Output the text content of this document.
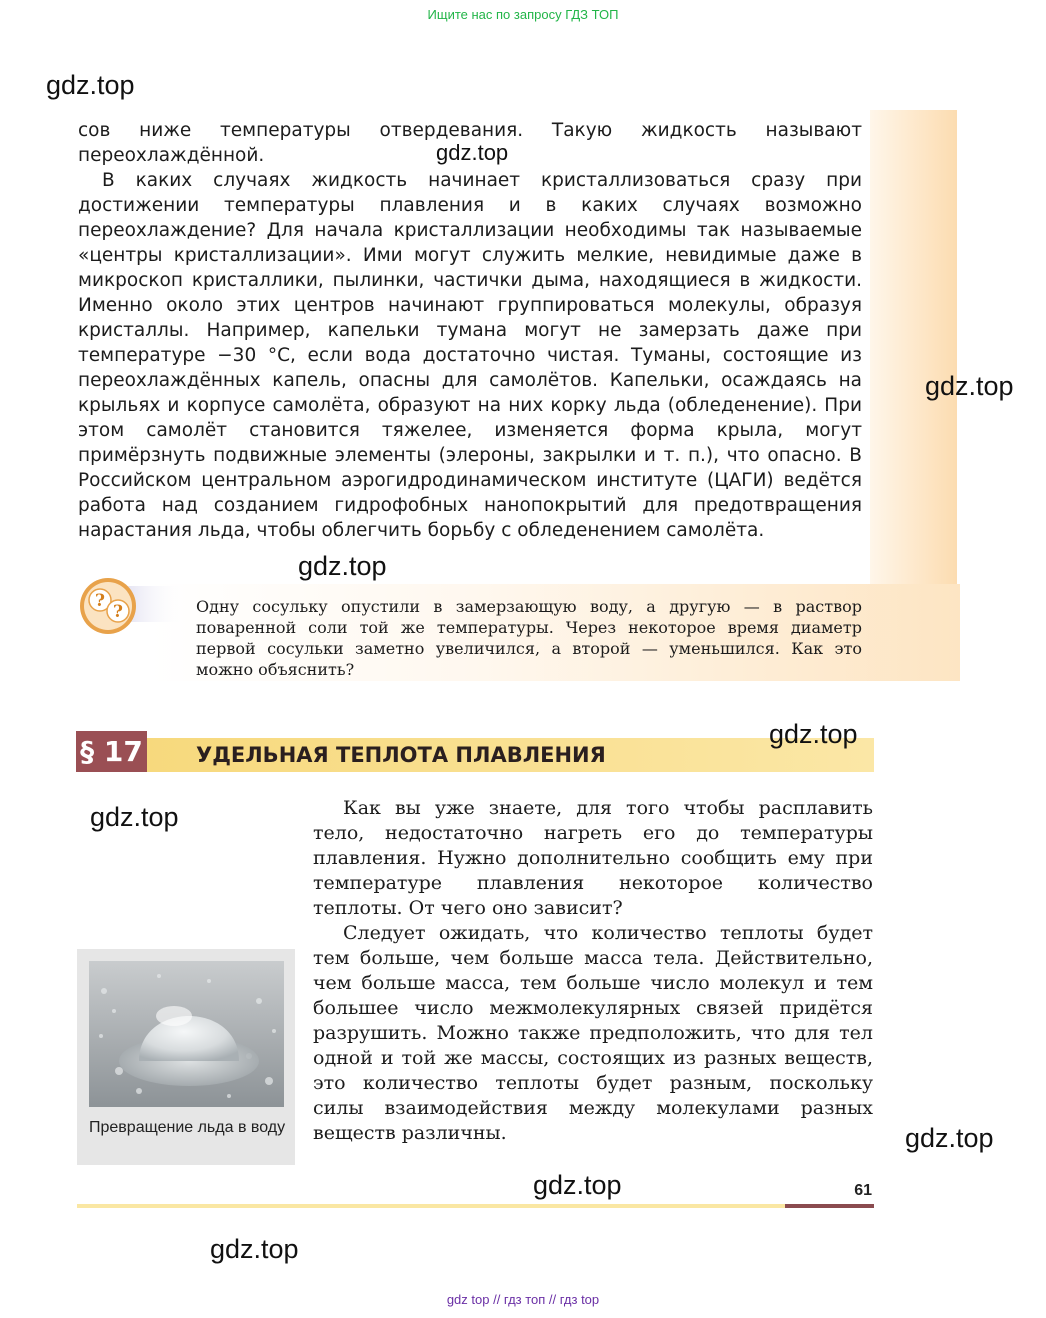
Ищите нас по запросу ГДЗ ТОП

сов ниже температуры отвердевания. Такую жидкость называют переохлаждённой.

В каких случаях жидкость начинает кристаллизоваться сразу при достижении температуры плавления и в каких случаях возможно переохлаждение? Для начала кристаллизации необходимы так называемые «центры кристаллизации». Ими могут служить мелкие, невидимые даже в микроскоп кристаллики, пылинки, частички дыма, находящиеся в жидкости. Именно около этих центров начинают группироваться молекулы, образуя кристаллы. Например, капельки тумана могут не замерзать даже при температуре −30 °С, если вода достаточно чистая. Туманы, состоящие из переохлаждённых капель, опасны для самолётов. Капельки, осаждаясь на крыльях и корпусе самолёта, образуют на них корку льда (обледенение). При этом самолёт становится тяжелее, изменяется форма крыла, могут примёрзнуть подвижные элементы (элероны, закрылки и т. п.), что опасно. В Российском центральном аэрогидродинамическом институте (ЦАГИ) ведётся работа над созданием гидрофобных нанопокрытий для предотвращения нарастания льда, чтобы облегчить борьбу с обледенением самолёта.

?
?	Одну сосульку опустили в замерзающую воду, а другую — в раствор поваренной соли той же температуры. Через некоторое время диаметр первой сосульки заметно увеличился, а второй — уменьшился. Как это можно объяснить?
§ 17	УДЕЛЬНАЯ ТЕПЛОТА ПЛАВЛЕНИЯ

Как вы уже знаете, для того чтобы расплавить тело, недостаточно нагреть его до температуры плавления. Нужно дополнительно сообщить ему при температуре плавления некоторое количество теплоты. От чего оно зависит?

Следует ожидать, что количество теплоты будет тем больше, чем больше масса тела. Действительно, чем больше масса, тем больше число молекул и тем большее число межмолекулярных связей придётся разрушить. Можно также предположить, что для тел одной и той же массы, состоящих из разных веществ, это количество теплоты будет разным, поскольку силы взаимодействия между молекулами разных веществ различны.

Превращение льда в воду
61
gdz.top
gdz.top
gdz.top
gdz.top
gdz.top
gdz.top
gdz.top
gdz.top
gdz.top
gdz top // гдз топ // гдз top
